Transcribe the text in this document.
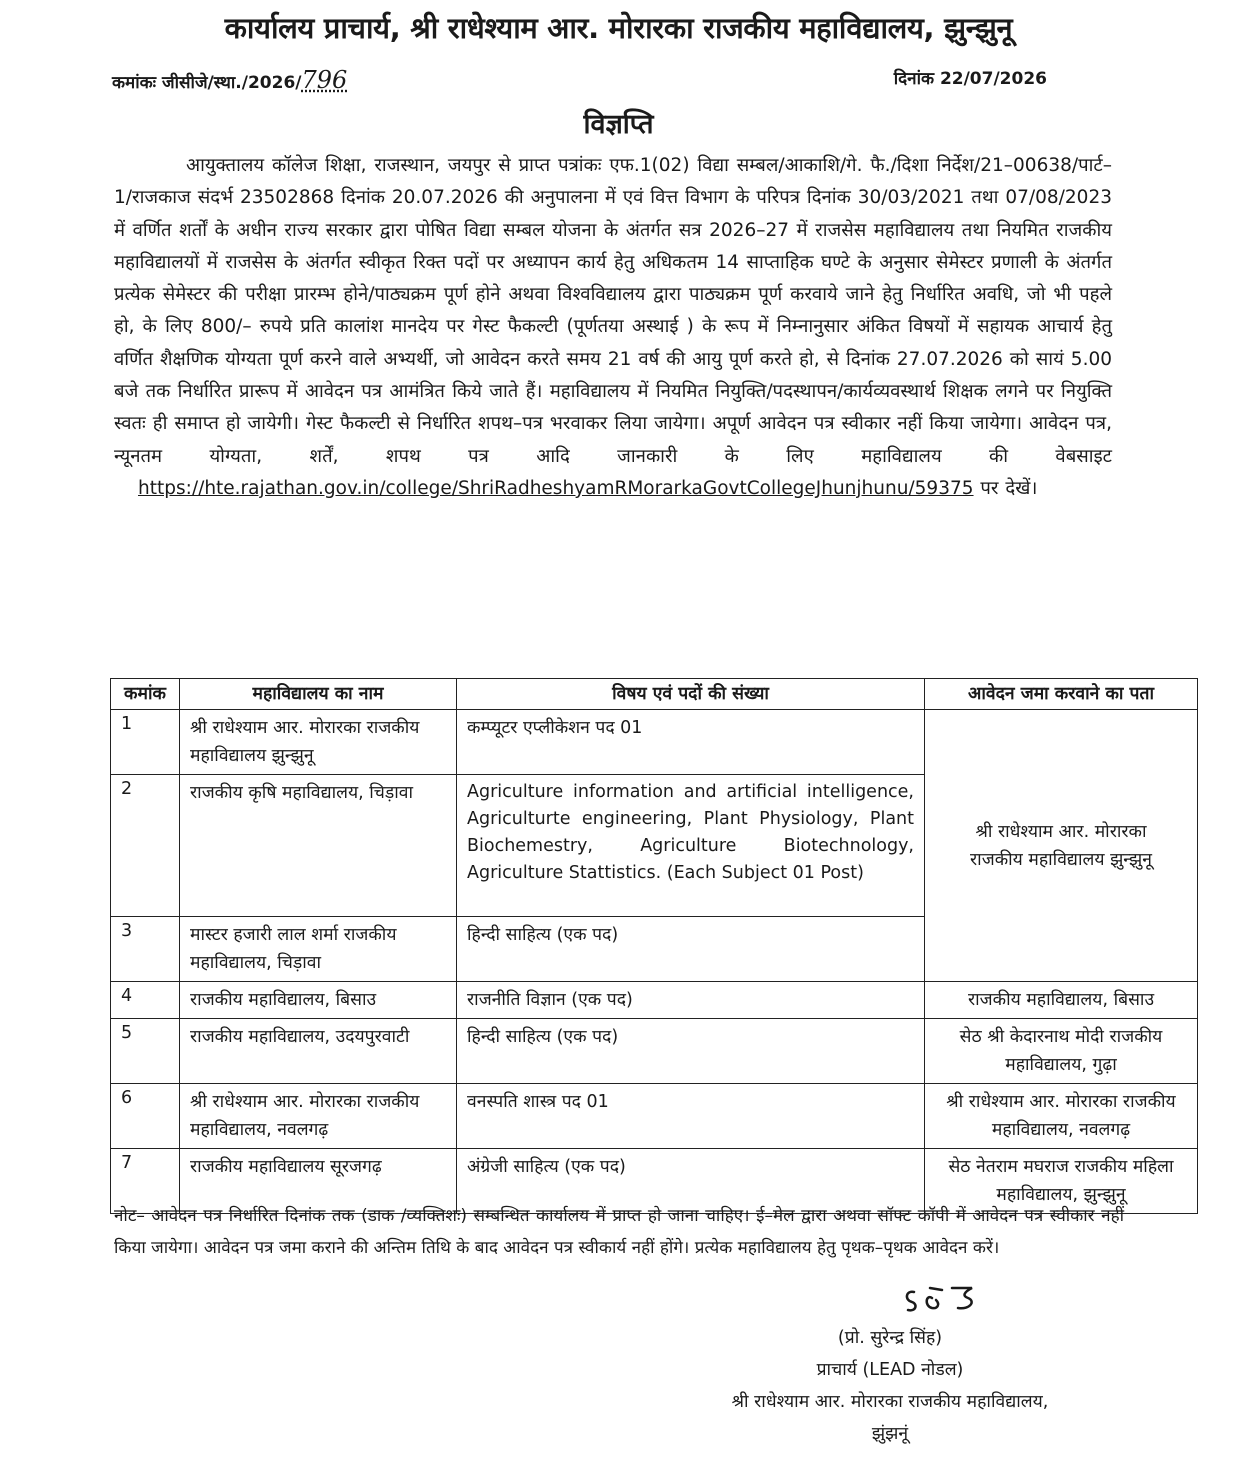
कार्यालय प्राचार्य, श्री राधेश्याम आर. मोरारका राजकीय महाविद्यालय, झुन्झुनू
कमांकः जीसीजे/स्था./2026/796	दिनांक 22/07/2026
विज्ञप्ति
आयुक्तालय कॉलेज शिक्षा, राजस्थान, जयपुर से प्राप्त पत्रांकः एफ.1(02) विद्या सम्बल/आकाशि/गे. फै./दिशा निर्देश/21–00638/पार्ट–1/राजकाज संदर्भ 23502868 दिनांक 20.07.2026 की अनुपालना में एवं वित्त विभाग के परिपत्र दिनांक 30/03/2021 तथा 07/08/2023 में वर्णित शर्तों के अधीन राज्य सरकार द्वारा पोषित विद्या सम्बल योजना के अंतर्गत सत्र 2026–27 में राजसेस महाविद्यालय तथा नियमित राजकीय महाविद्यालयों में राजसेस के अंतर्गत स्वीकृत रिक्त पदों पर अध्यापन कार्य हेतु अधिकतम 14 साप्ताहिक घण्टे के अनुसार सेमेस्टर प्रणाली के अंतर्गत प्रत्येक सेमेस्टर की परीक्षा प्रारम्भ होने/पाठ्यक्रम पूर्ण होने अथवा विश्वविद्यालय द्वारा पाठ्यक्रम पूर्ण करवाये जाने हेतु निर्धारित अवधि, जो भी पहले हो, के लिए 800/– रुपये प्रति कालांश मानदेय पर गेस्ट फैकल्टी (पूर्णतया अस्थाई ) के रूप में निम्नानुसार अंकित विषयों में सहायक आचार्य हेतु वर्णित शैक्षणिक योग्यता पूर्ण करने वाले अभ्यर्थी, जो आवेदन करते समय 21 वर्ष की आयु पूर्ण करते हो, से दिनांक 27.07.2026 को सायं 5.00 बजे तक निर्धारित प्रारूप में आवेदन पत्र आमंत्रित किये जाते हैं। महाविद्यालय में नियमित नियुक्ति/पदस्थापन/कार्यव्यवस्थार्थ शिक्षक लगने पर नियुक्ति स्वतः ही समाप्त हो जायेगी। गेस्ट फैकल्टी से निर्धारित शपथ–पत्र भरवाकर लिया जायेगा। अपूर्ण आवेदन पत्र स्वीकार नहीं किया जायेगा। आवेदन पत्र, न्यूनतम योग्यता, शर्तें, शपथ पत्र आदि जानकारी के लिए महाविद्यालय की वेबसाइट https://hte.rajathan.gov.in/college/ShriRadheshyamRMorarkaGovtCollegeJhunjhunu/59375 पर देखें।
कमांक	महाविद्यालय का नाम	विषय एवं पदों की संख्या	आवेदन जमा करवाने का पता
1	श्री राधेश्याम आर. मोरारका राजकीय महाविद्यालय झुन्झुनू	कम्प्यूटर एप्लीकेशन पद 01	श्री राधेश्याम आर. मोरारका राजकीय महाविद्यालय झुन्झुनू
2	राजकीय कृषि महाविद्यालय, चिड़ावा	Agriculture information and artificial intelligence, Agriculturte engineering, Plant Physiology, Plant Biochemestry, Agriculture Biotechnology, Agriculture Stattistics. (Each Subject 01 Post)	
3	मास्टर हजारी लाल शर्मा राजकीय महाविद्यालय, चिड़ावा	हिन्दी साहित्य (एक पद)	
4	राजकीय महाविद्यालय, बिसाउ	राजनीति विज्ञान (एक पद)	राजकीय महाविद्यालय, बिसाउ
5	राजकीय महाविद्यालय, उदयपुरवाटी	हिन्दी साहित्य (एक पद)	सेठ श्री केदारनाथ मोदी राजकीय महाविद्यालय, गुढ़ा
6	श्री राधेश्याम आर. मोरारका राजकीय महाविद्यालय, नवलगढ़	वनस्पति शास्त्र पद 01	श्री राधेश्याम आर. मोरारका राजकीय महाविद्यालय, नवलगढ़
7	राजकीय महाविद्यालय सूरजगढ़	अंग्रेजी साहित्य (एक पद)	सेठ नेतराम मघराज राजकीय महिला महाविद्यालय, झुन्झुनू
नोट– आवेदन पत्र निर्धारित दिनांक तक (डाक /व्यक्तिशः) सम्बन्धित कार्यालय में प्राप्त हो जाना चाहिए। ई–मेल द्वारा अथवा सॉफ्ट कॉपी में आवेदन पत्र स्वीकार नहीं किया जायेगा। आवेदन पत्र जमा कराने की अन्तिम तिथि के बाद आवेदन पत्र स्वीकार्य नहीं होंगे। प्रत्येक महाविद्यालय हेतु पृथक–पृथक आवेदन करें।
(प्रो. सुरेन्द्र सिंह)
प्राचार्य (LEAD नोडल)
श्री राधेश्याम आर. मोरारका राजकीय महाविद्यालय,
झुंझनूं
